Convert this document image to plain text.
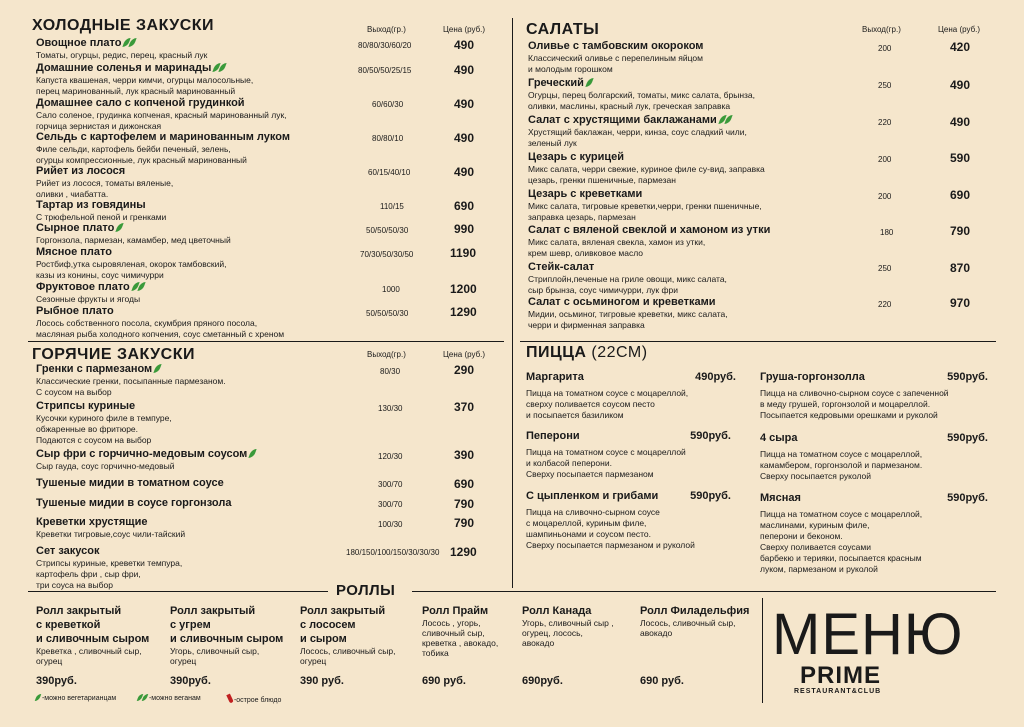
ХОЛОДНЫЕ ЗАКУСКИ	Выход(гр.)	Цена (руб.)
Овощное плато
Томаты, огурцы, редис, перец, красный лук
80/80/30/60/20	490
Домашние соленья и маринады
Капуста квашеная, черри кимчи, огурцы малосольные,
перец маринованный, лук красный маринованный
80/50/50/25/15	490
Домашнее сало с копченой грудинкой
Сало соленое, грудинка копченая, красный маринованный лук,
горчица зернистая и дижонская
60/60/30	490
Сельдь с картофелем и маринованным луком
Филе сельди, картофель бейби печеный, зелень,
огурцы компрессионные, лук красный маринованный
80/80/10	490
Рийет из лосося
Рийет из лосося, томаты вяленые,
оливки , чиабатта.
60/15/40/10	490
Тартар из говядины
С трюфельной пеной и гренками
110/15	690
Сырное плато
Горгонзола, пармезан, камамбер, мед цветочный
50/50/50/30	990
Мясное плато
Ростбиф,утка сыровяленая, окорок тамбовский,
казы из конины, соус чимичурри
70/30/50/30/50	1190
Фруктовое плато
Сезонные фрукты и ягоды
1000	1200
Рыбное плато
Лосось собственного посола, скумбрия пряного посола,
масляная рыба холодного копчения, соус сметанный с хреном
50/50/50/30	1290
ГОРЯЧИЕ ЗАКУСКИ	Выход(гр.)	Цена (руб.)
Гренки с пармезаном
Классические гренки, посыпанные пармезаном.
С соусом на выбор
80/30	290
Стрипсы куриные
Кусочки куриного филе в темпуре,
обжаренные во фритюре.
Подаются с соусом на выбор
130/30	370
Сыр фри с горчично-медовым соусом
Сыр гауда, соус горчично-медовый
120/30	390
Тушеные мидии в томатном соусе	300/70	690
Тушеные мидии в соусе горгонзола	300/70	790
Креветки хрустящие
Креветки тигровые,соус чили-тайский
100/30	790
Сет закусок
Стрипсы куриные, креветки темпура,
картофель фри , сыр фри,
три соуса на выбор
180/150/100/150/30/30/30 1290
САЛАТЫ	Выход(гр.)	Цена (руб.)
Оливье с тамбовским окороком
Классический оливье с перепелиным яйцом
и молодым горошком
200	420
Греческий
Огурцы, перец болгарский, томаты, микс салата, брынза,
оливки, маслины, красный лук, греческая заправка
250	490
Салат с хрустящими баклажанами
Хрустящий баклажан, черри, кинза, соус сладкий чили,
зеленый лук
220	490
Цезарь с курицей
Микс салата, черри свежие, куриное филе су-вид, заправка
цезарь, гренки пшеничные, пармезан
200	590
Цезарь с креветками
Микс салата, тигровые креветки,черри, гренки пшеничные,
заправка цезарь, пармезан
200	690
Салат с вяленой свеклой и хамоном из утки
Микс салата, вяленая свекла, хамон из утки,
крем шевр, оливковое масло
180	790
Стейк-салат
Стриплойн,печеные на гриле овощи, микс салата,
сыр брынза, соус чимичурри, лук фри
250	870
Салат с осьминогом и креветками
Мидии, осьминог, тигровые креветки, микс салата,
черри и фирменная заправка
220	970
ПИЦЦА (22СМ)
Маргарита	490руб.
Пицца на томатном соусе с моцареллой,
сверху поливается соусом песто
и посыпается базиликом
Пеперони	590руб.
Пицца на томатном соусе с моцареллой
и колбасой пеперони.
Сверху посыпается пармезаном
С цыпленком и грибами	590руб.
Пицца на сливочно-сырном соусе
с моцареллой, куриным филе,
шампиньонами и соусом песто.
Сверху посыпается пармезаном и руколой
Груша-горгонзолла	590руб.
Пицца на сливочно-сырном соусе с запеченной
в меду грушей, горгонзолой и моцареллой.
Посыпается кедровыми орешками и руколой
4 сыра	590руб.
Пицца на томатном соусе с моцареллой,
камамбером, горгонзолой и пармезаном.
Сверху посыпается руколой
Мясная	590руб.
Пицца на томатном соусе с моцареллой,
маслинами, куриным филе,
пеперони и беконом.
Сверху поливается соусами
барбекю и терияки, посыпается красным
луком, пармезаном и руколой
РОЛЛЫ
Ролл закрытый
с креветкой
и сливочным сыром
Креветка , сливочный сыр,
огурец
390руб.
Ролл закрытый
с угрем
и сливочным сыром
Угорь, сливочный сыр,
огурец
390руб.
Ролл закрытый
с лососем
и сыром
Лосось, сливочный сыр,
огурец
390 руб.
Ролл Прайм
Лосось , угорь,
сливочный сыр,
креветка , авокадо,
тобика
690 руб.
Ролл Канада
Угорь, сливочный сыр ,
огурец, лосось,
авокадо
690руб.
Ролл Филадельфия
Лосось, сливочный сыр,
авокадо
690 руб.
-можно вегетарианцам	-можно веганам	-острое блюдо
МЕНЮ
PRIME
RESTAURANT&CLUB
